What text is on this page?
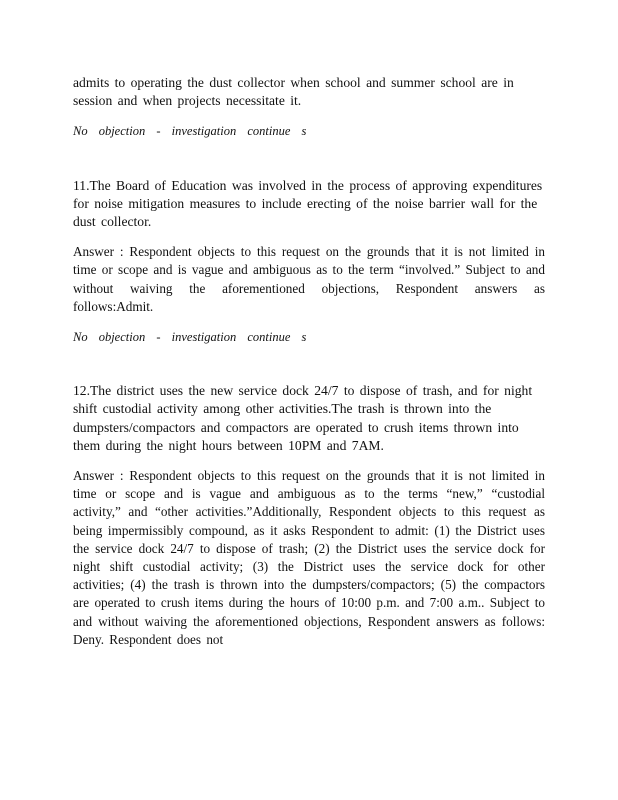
admits to operating the dust collector when school and summer school are in session and when projects necessitate it.

No objection - investigation continue s

11.The Board of Education was involved in the process of approving expenditures for noise mitigation measures to include erecting of the noise barrier wall for the dust collector.

Answer : Respondent objects to this request on the grounds that it is not limited in time or scope and is vague and ambiguous as to the term “involved.” Subject to and without waiving the aforementioned objections, Respondent answers as follows:Admit.

No objection - investigation continue s

12.The district uses the new service dock 24/7 to dispose of trash, and for night shift custodial activity among other activities.The trash is thrown into the dumpsters/compactors and compactors are operated to crush items thrown into them during the night hours between 10PM and 7AM.

Answer : Respondent objects to this request on the grounds that it is not limited in time or scope and is vague and ambiguous as to the terms “new,” “custodial activity,” and “other activities.”Additionally, Respondent objects to this request as being impermissibly compound, as it asks Respondent to admit: (1) the District uses the service dock 24/7 to dispose of trash; (2) the District uses the service dock for night shift custodial activity; (3) the District uses the service dock for other activities; (4) the trash is thrown into the dumpsters/compactors; (5) the compactors are operated to crush items during the hours of 10:00 p.m. and 7:00 a.m.. Subject to and without waiving the aforementioned objections, Respondent answers as follows: Deny. Respondent does not
